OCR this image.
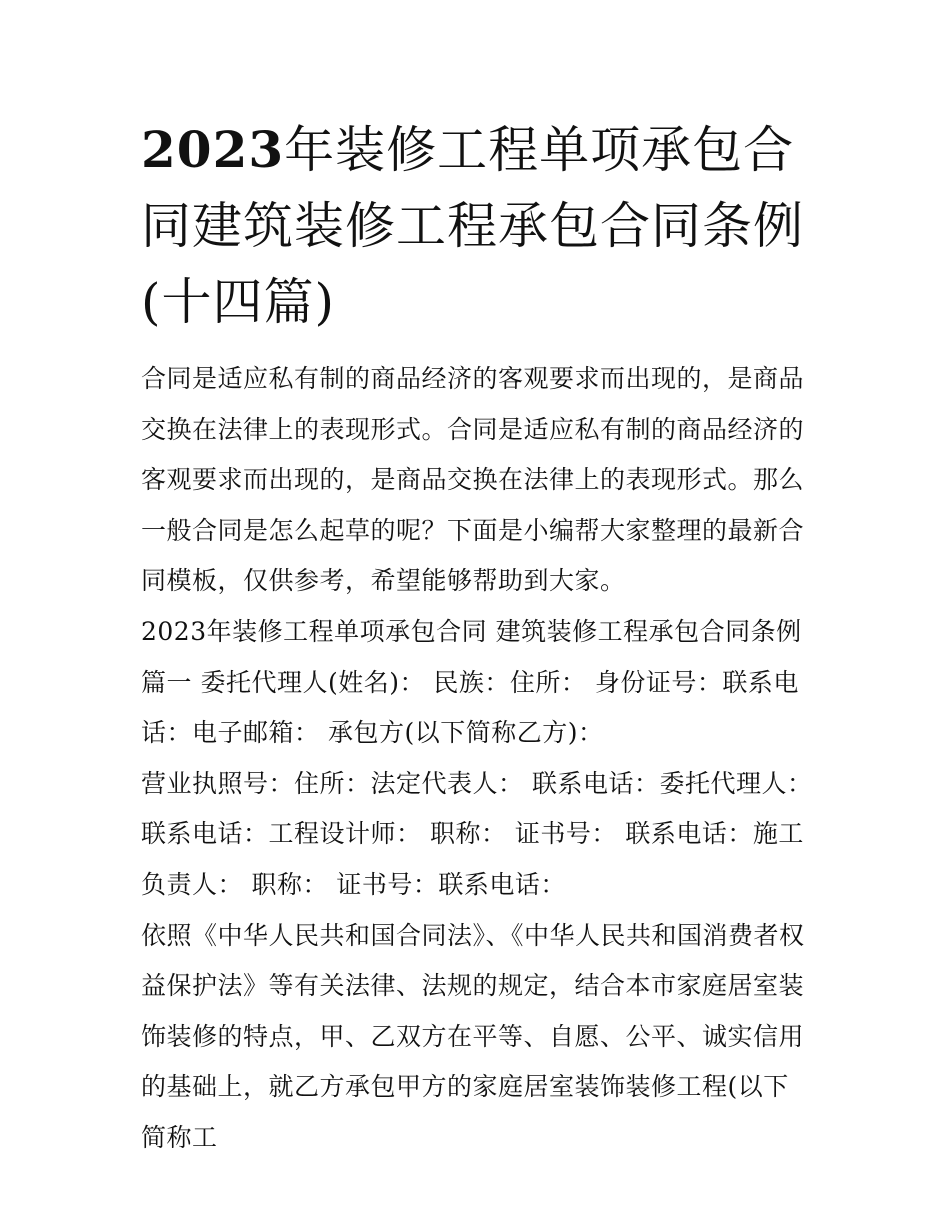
2023年装修工程单项承包合同建筑装修工程承包合同条例(十四篇)

合同是适应私有制的商品经济的客观要求而出现的，是商品交换在法律上的表现形式。合同是适应私有制的商品经济的客观要求而出现的，是商品交换在法律上的表现形式。那么一般合同是怎么起草的呢？下面是小编帮大家整理的最新合同模板，仅供参考，希望能够帮助到大家。

2023年装修工程单项承包合同 建筑装修工程承包合同条例篇一 委托代理人(姓名)： 民族：住所： 身份证号：联系电话：电子邮箱： 承包方(以下简称乙方)：

营业执照号：住所：法定代表人： 联系电话：委托代理人：联系电话：工程设计师： 职称： 证书号： 联系电话：施工负责人： 职称： 证书号：联系电话：

依照《中华人民共和国合同法》、《中华人民共和国消费者权益保护法》等有关法律、法规的规定，结合本市家庭居室装饰装修的特点，甲、乙双方在平等、自愿、公平、诚实信用的基础上，就乙方承包甲方的家庭居室装饰装修工程(以下简称工
